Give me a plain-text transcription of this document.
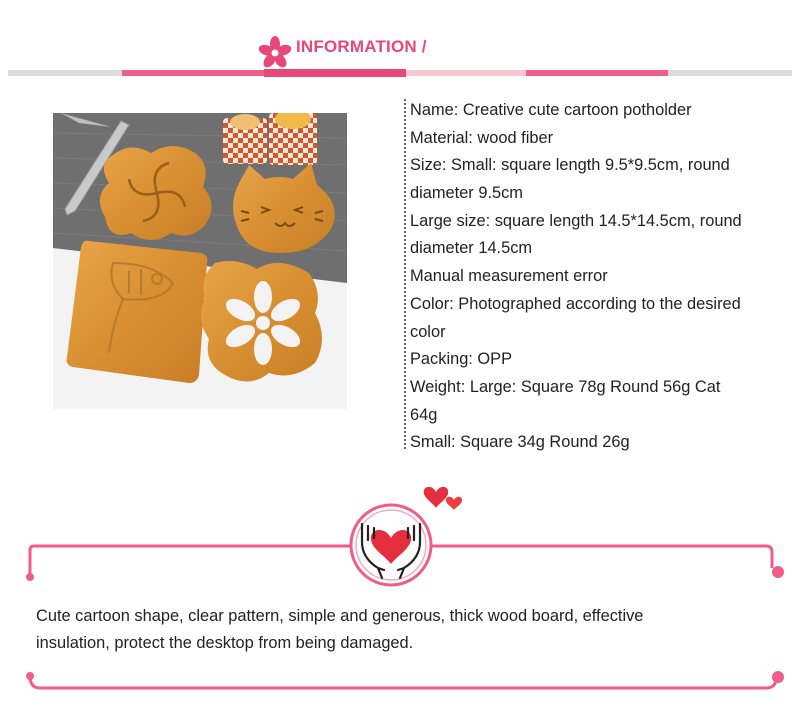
INFORMATION /
Name: Creative cute cartoon potholder
Material: wood fiber
Size: Small: square length 9.5*9.5cm, round
diameter 9.5cm
Large size: square length 14.5*14.5cm, round
diameter 14.5cm
Manual measurement error
Color: Photographed according to the desired
color
Packing: OPP
Weight: Large: Square 78g Round 56g Cat
64g
Small: Square 34g Round 26g
Cute cartoon shape, clear pattern, simple and generous, thick wood board, effective
insulation, protect the desktop from being damaged.
